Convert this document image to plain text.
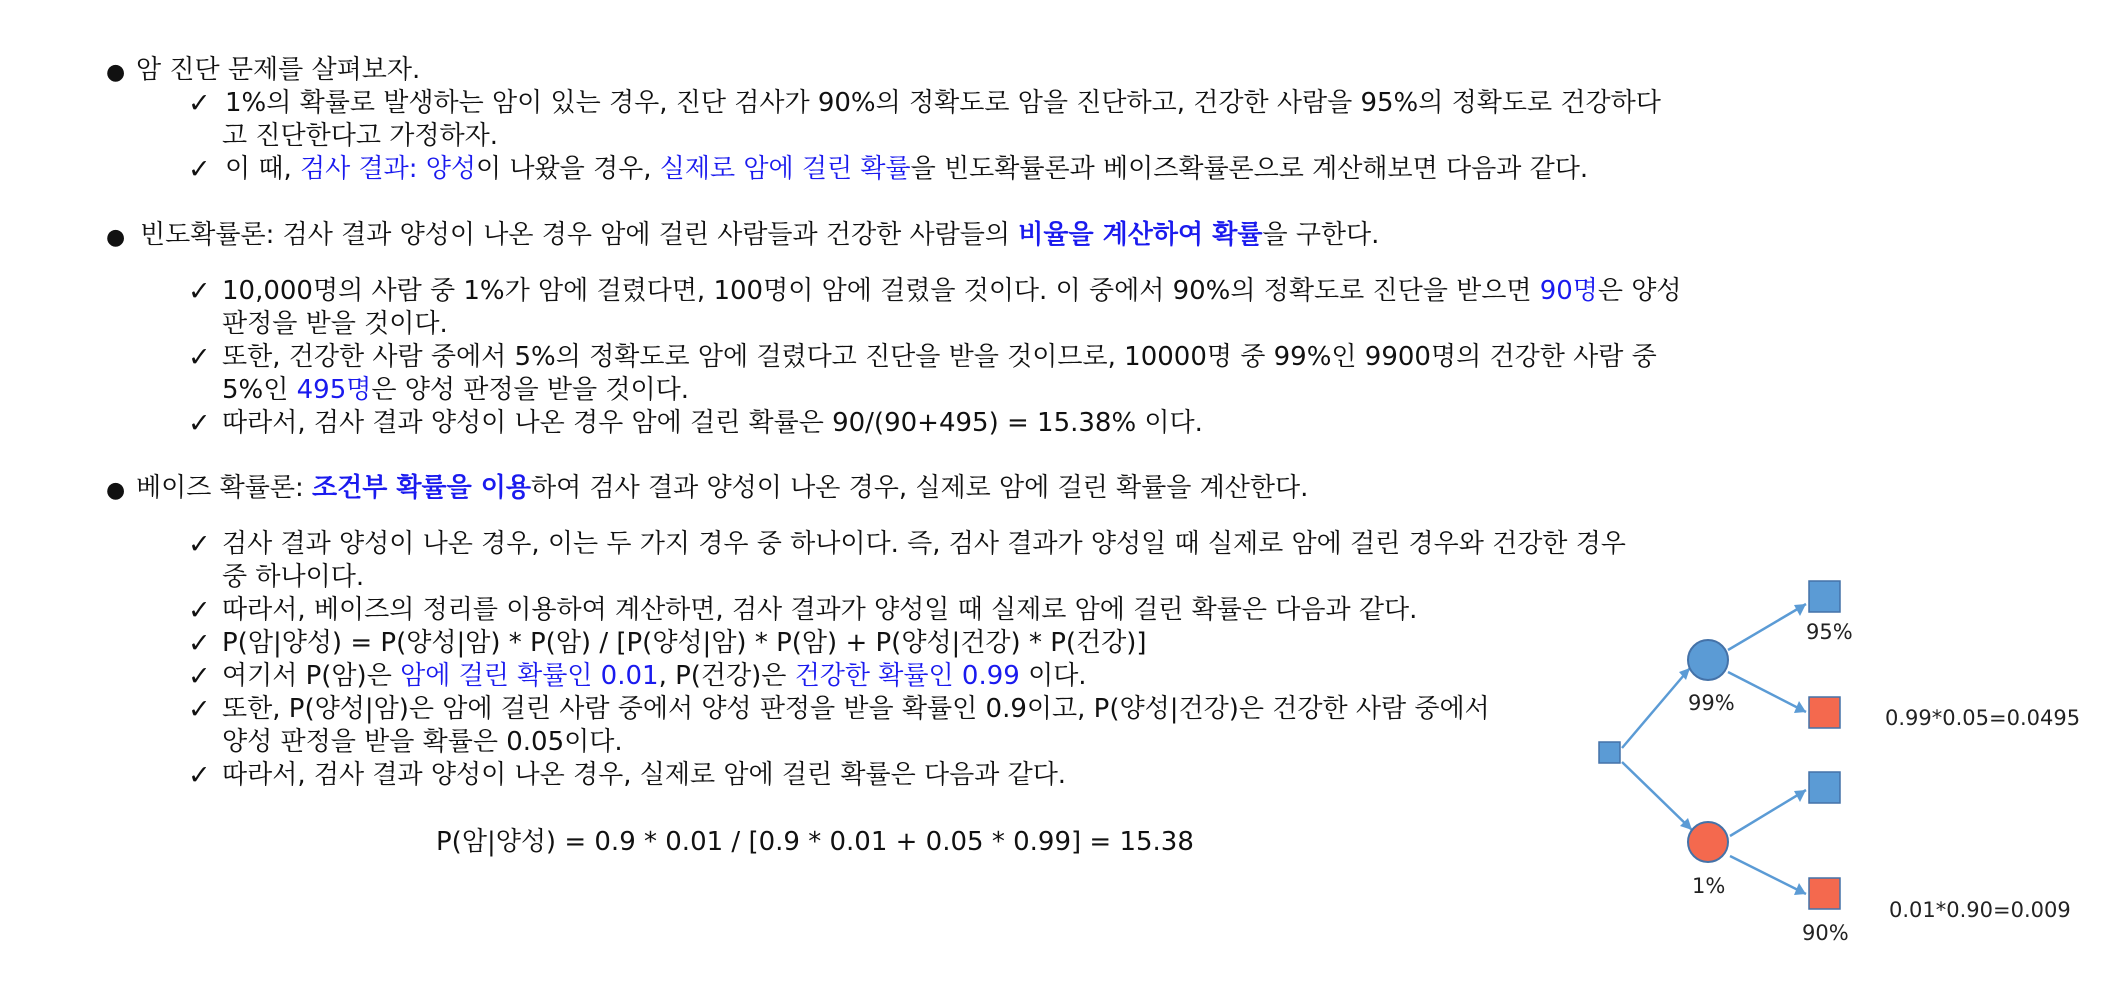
● 암 진단 문제를 살펴보자.
✓ 1%의 확률로 발생하는 암이 있는 경우, 진단 검사가 90%의 정확도로 암을 진단하고, 건강한 사람을 95%의 정확도로 건강하다
고 진단한다고 가정하자.
✓ 이 때, 검사 결과: 양성이 나왔을 경우, 실제로 암에 걸린 확률을 빈도확률론과 베이즈확률론으로 계산해보면 다음과 같다.
● 빈도확률론: 검사 결과 양성이 나온 경우 암에 걸린 사람들과 건강한 사람들의 비율을 계산하여 확률을 구한다.
✓ 10,000명의 사람 중 1%가 암에 걸렸다면, 100명이 암에 걸렸을 것이다. 이 중에서 90%의 정확도로 진단을 받으면 90명은 양성
판정을 받을 것이다.
✓ 또한, 건강한 사람 중에서 5%의 정확도로 암에 걸렸다고 진단을 받을 것이므로, 10000명 중 99%인 9900명의 건강한 사람 중
5%인 495명은 양성 판정을 받을 것이다.
✓ 따라서, 검사 결과 양성이 나온 경우 암에 걸린 확률은 90/(90+495) = 15.38% 이다.
● 베이즈 확률론: 조건부 확률을 이용하여 검사 결과 양성이 나온 경우, 실제로 암에 걸린 확률을 계산한다.
✓ 검사 결과 양성이 나온 경우, 이는 두 가지 경우 중 하나이다. 즉, 검사 결과가 양성일 때 실제로 암에 걸린 경우와 건강한 경우
중 하나이다.
✓ 따라서, 베이즈의 정리를 이용하여 계산하면, 검사 결과가 양성일 때 실제로 암에 걸린 확률은 다음과 같다.
✓ P(암|양성) = P(양성|암) * P(암) / [P(양성|암) * P(암) + P(양성|건강) * P(건강)]
✓ 여기서 P(암)은 암에 걸린 확률인 0.01, P(건강)은 건강한 확률인 0.99 이다.
✓ 또한, P(양성|암)은 암에 걸린 사람 중에서 양성 판정을 받을 확률인 0.9이고, P(양성|건강)은 건강한 사람 중에서
양성 판정을 받을 확률은 0.05이다.
✓ 따라서, 검사 결과 양성이 나온 경우, 실제로 암에 걸린 확률은 다음과 같다.
P(암|양성) = 0.9 * 0.01 / [0.9 * 0.01 + 0.05 * 0.99] = 15.38
99%
1%
95%
90%
0.99*0.05=0.0495
0.01*0.90=0.009
